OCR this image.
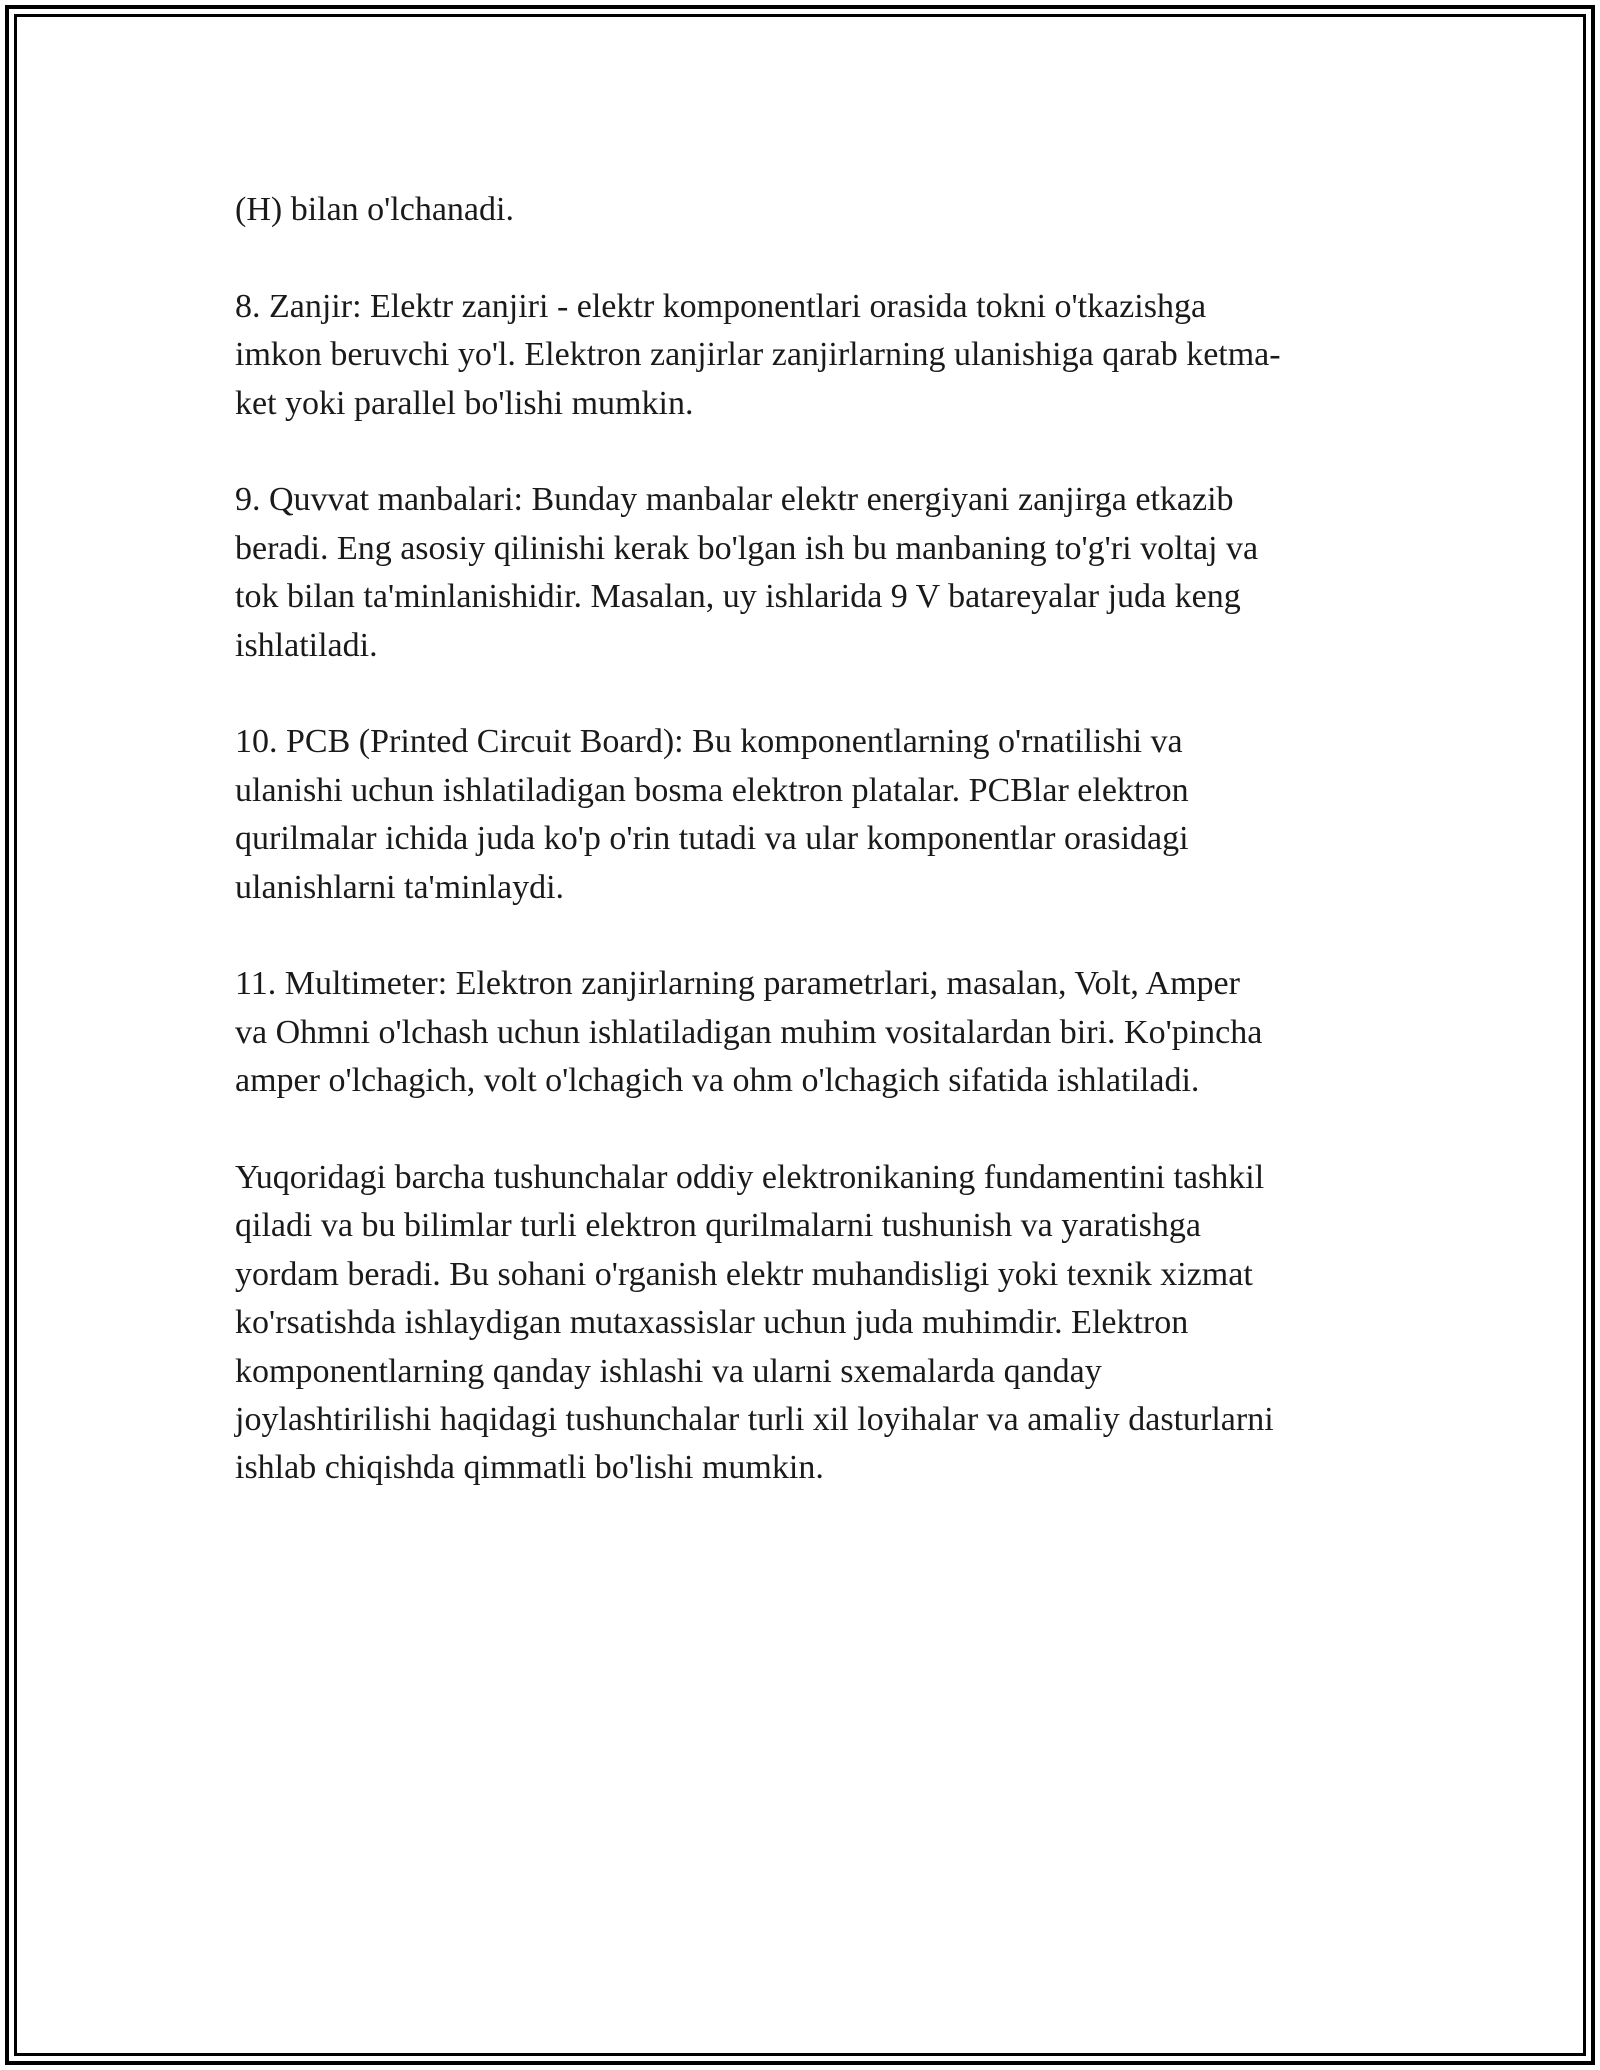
(H) bilan o'lchanadi.

8. Zanjir: Elektr zanjiri - elektr komponentlari orasida tokni o'tkazishga
imkon beruvchi yo'l. Elektron zanjirlar zanjirlarning ulanishiga qarab ketma-
ket yoki parallel bo'lishi mumkin.

9. Quvvat manbalari: Bunday manbalar elektr energiyani zanjirga etkazib
beradi. Eng asosiy qilinishi kerak bo'lgan ish bu manbaning to'g'ri voltaj va
tok bilan ta'minlanishidir. Masalan, uy ishlarida 9 V batareyalar juda keng
ishlatiladi.

10. PCB (Printed Circuit Board): Bu komponentlarning o'rnatilishi va
ulanishi uchun ishlatiladigan bosma elektron platalar. PCBlar elektron
qurilmalar ichida juda ko'p o'rin tutadi va ular komponentlar orasidagi
ulanishlarni ta'minlaydi.

11. Multimeter: Elektron zanjirlarning parametrlari, masalan, Volt, Amper
va Ohmni o'lchash uchun ishlatiladigan muhim vositalardan biri. Ko'pincha
amper o'lchagich, volt o'lchagich va ohm o'lchagich sifatida ishlatiladi.

Yuqoridagi barcha tushunchalar oddiy elektronikaning fundamentini tashkil
qiladi va bu bilimlar turli elektron qurilmalarni tushunish va yaratishga
yordam beradi. Bu sohani o'rganish elektr muhandisligi yoki texnik xizmat
ko'rsatishda ishlaydigan mutaxassislar uchun juda muhimdir. Elektron
komponentlarning qanday ishlashi va ularni sxemalarda qanday
joylashtirilishi haqidagi tushunchalar turli xil loyihalar va amaliy dasturlarni
ishlab chiqishda qimmatli bo'lishi mumkin.
